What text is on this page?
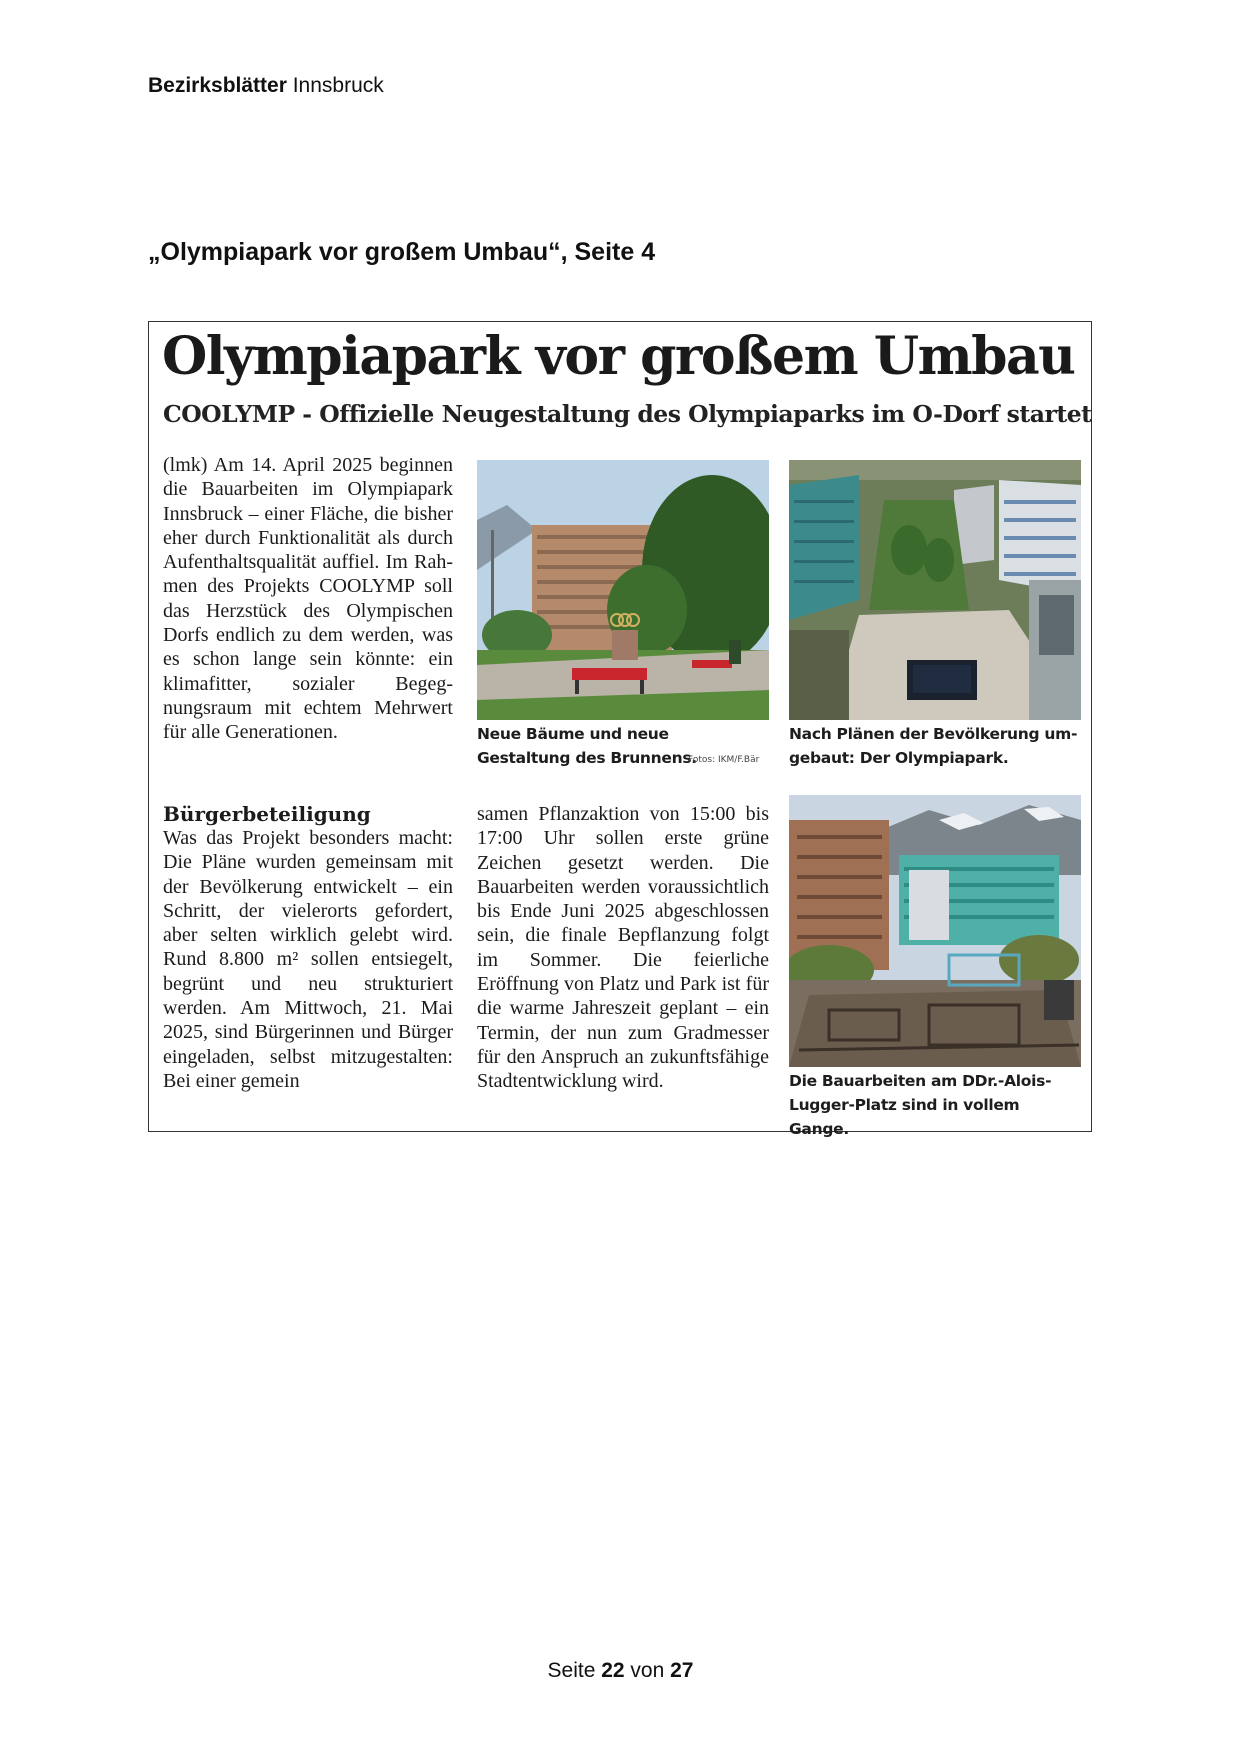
Bezirksblätter Innsbruck
„Olympiapark vor großem Umbau“, Seite 4
Olympiapark vor großem Umbau
COOLYMP - Offizielle Neugestaltung des Olympiaparks im O-Dorf startet

(lmk) Am 14. April 2025 beginnen die Bauarbeiten im Olympiapark Innsbruck – einer Fläche, die bisher eher durch Funktionalität als durch Aufenthaltsqualität auffiel. Im Rahmen des Projekts COOLYMP soll das Herzstück des Olympischen Dorfs endlich zu dem werden, was es schon lange sein könnte: ein klimafitter, sozialer Begegnungsraum mit echtem Mehrwert für alle Generationen.

Bürgerbeteiligung

Was das Projekt besonders macht: Die Pläne wurden gemeinsam mit der Bevölkerung entwickelt – ein Schritt, der vielerorts gefordert, aber selten wirklich gelebt wird. Rund 8.800 m² sollen entsiegelt, begrünt und neu strukturiert werden. Am Mittwoch, 21. Mai 2025, sind Bürgerinnen und Bürger eingeladen, selbst mitzugestalten: Bei einer gemein

samen Pflanzaktion von 15:00 bis 17:00 Uhr sollen erste grüne Zeichen gesetzt werden. Die Bauarbeiten werden voraussichtlich bis Ende Juni 2025 abgeschlossen sein, die finale Bepflanzung folgt im Sommer. Die feierliche Eröffnung von Platz und Park ist für die warme Jahreszeit geplant – ein Termin, der nun zum Gradmesser für den Anspruch an zukunftsfähige Stadtentwicklung wird.

Neue Bäume und neue Gestaltung des Brunnens.
Fotos: IKM/F.Bär
Nach Plänen der Bevölkerung umgebaut: Der Olympiapark.
Die Bauarbeiten am DDr.-Alois-Lugger-Platz sind in vollem Gange.
Seite 22 von 27
